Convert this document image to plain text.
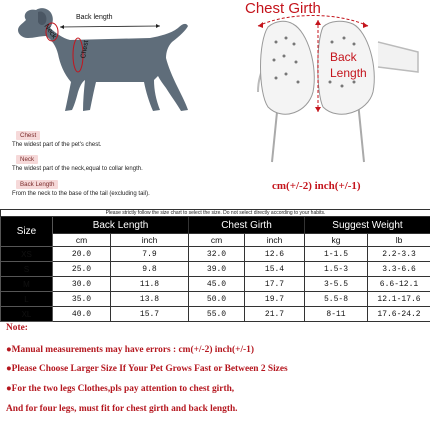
Back length
Neck
Chest
Chest
The widest part of the pet's chest.
Neck
The widest part of the neck,equal to collar length.
Back Length
From the neck to the base of the tail (excluding tail).
Chest Girth
Back
Length
cm(+/-2) inch(+/-1)
Please strictly follow the size chart to select the size. Do not select directly according to your habits.						
Size	Back Length		Chest Girth		Suggest Weight	
	cm	inch	cm	inch	kg	lb
XS	20.0	7.9	32.0	12.6	1-1.5	2.2-3.3
S	25.0	9.8	39.0	15.4	1.5-3	3.3-6.6
M	30.0	11.8	45.0	17.7	3-5.5	6.6-12.1
L	35.0	13.8	50.0	19.7	5.5-8	12.1-17.6
XL	40.0	15.7	55.0	21.7	8-11	17.6-24.2
Note:
●Manual measurements may have errors : cm(+/-2) inch(+/-1)
●Please Choose Larger Size If Your Pet Grows Fast or Between 2 Sizes
●For the two legs Clothes,pls pay attention to chest girth,
And for four legs, must fit for chest girth and back length.
